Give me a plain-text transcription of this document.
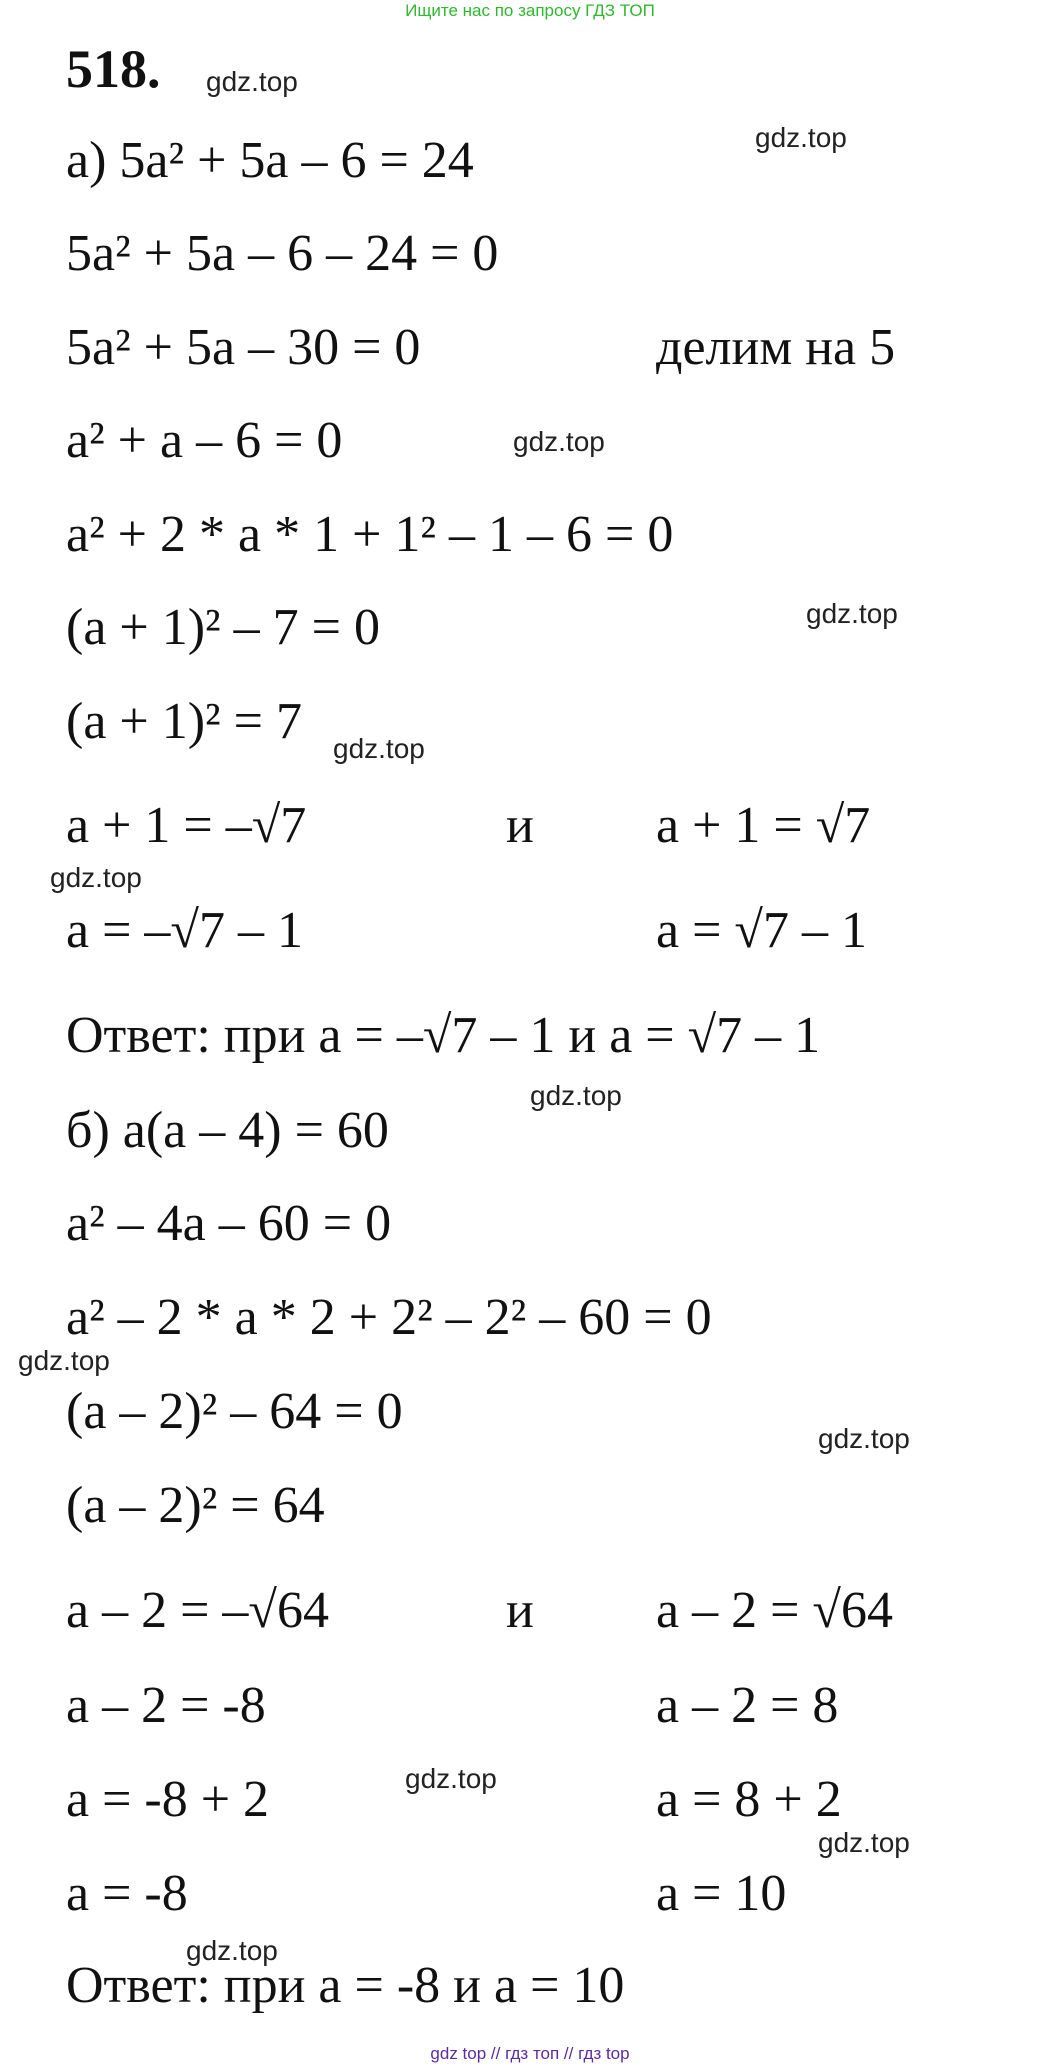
Ищите нас по запросу ГДЗ ТОП
518. gdz.top
gdz.top
gdz.top
gdz.top
gdz.top
gdz.top
gdz.top
gdz.top
gdz.top
gdz.top
gdz.top
gdz.top
а) 5a² + 5a – 6 = 24
5a² + 5a – 6 – 24 = 0
5a² + 5a – 30 = 0	делим на 5
a² + a – 6 = 0
a² + 2 * a * 1 + 1² – 1 – 6 = 0
(a + 1)² – 7 = 0
(a + 1)² = 7
a + 1 = –√7	и a + 1 = √7
a = –√7 – 1	a = √7 – 1
Ответ: при a = –√7 – 1 и a = √7 – 1
б) a(a – 4) = 60
a² – 4a – 60 = 0
a² – 2 * a * 2 + 2² – 2² – 60 = 0
(a – 2)² – 64 = 0
(a – 2)² = 64
a – 2 = –√64	и a – 2 = √64
a – 2 = -8	a – 2 = 8
a = -8 + 2	a = 8 + 2
a = -8	a = 10
Ответ: при a = -8 и a = 10
gdz top // гдз топ // гдз top
